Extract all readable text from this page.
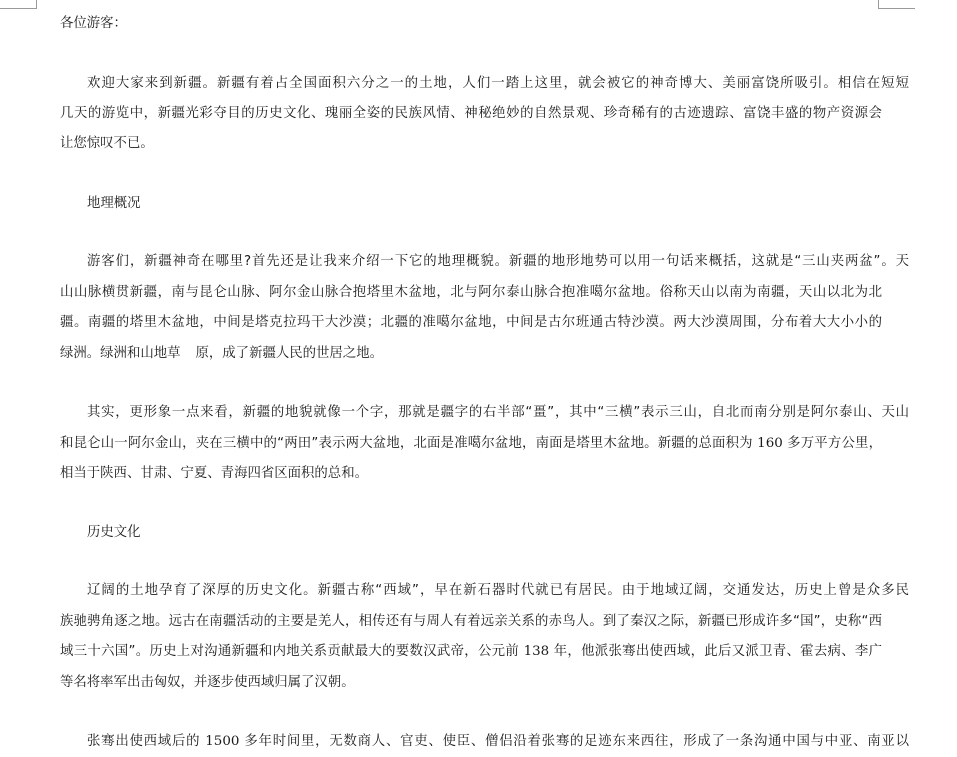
各位游客：
欢迎大家来到新疆。新疆有着占全国面积六分之一的土地，人们一踏上这里，就会被它的神奇博大、美丽富饶所吸引。相信在短短
几天的游览中，新疆光彩夺目的历史文化、瑰丽全姿的民族风情、神秘绝妙的自然景观、珍奇稀有的古迹遗踪、富饶丰盛的物产资源会
让您惊叹不已。
地理概况
游客们，新疆神奇在哪里?首先还是让我来介绍一下它的地理概貌。新疆的地形地势可以用一句话来概括，这就是“三山夹两盆”。天
山山脉横贯新疆，南与昆仑山脉、阿尔金山脉合抱塔里木盆地，北与阿尔泰山脉合抱准噶尔盆地。俗称天山以南为南疆，天山以北为北
疆。南疆的塔里木盆地，中间是塔克拉玛干大沙漠；北疆的准噶尔盆地，中间是古尔班通古特沙漠。两大沙漠周围，分布着大大小小的
绿洲。绿洲和山地草 原，成了新疆人民的世居之地。
其实，更形象一点来看，新疆的地貌就像一个字，那就是疆字的右半部“畺”，其中“三横”表示三山，自北而南分别是阿尔泰山、天山
和昆仑山一阿尔金山，夹在三横中的“两田”表示两大盆地，北面是准噶尔盆地，南面是塔里木盆地。新疆的总面积为 160 多万平方公里，
相当于陕西、甘肃、宁夏、青海四省区面积的总和。
历史文化
辽阔的土地孕育了深厚的历史文化。新疆古称“西域”，早在新石器时代就已有居民。由于地域辽阔，交通发达，历史上曾是众多民
族驰骋角逐之地。远古在南疆活动的主要是羌人，相传还有与周人有着远亲关系的赤鸟人。到了秦汉之际，新疆已形成许多“国”，史称“西
域三十六国”。历史上对沟通新疆和内地关系贡献最大的要数汉武帝，公元前 138 年，他派张骞出使西域，此后又派卫青、霍去病、李广
等名将率军出击匈奴，并逐步使西域归属了汉朝。
张骞出使西域后的 1500 多年时间里，无数商人、官吏、使臣、僧侣沿着张骞的足迹东来西往，形成了一条沟通中国与中亚、南亚以
